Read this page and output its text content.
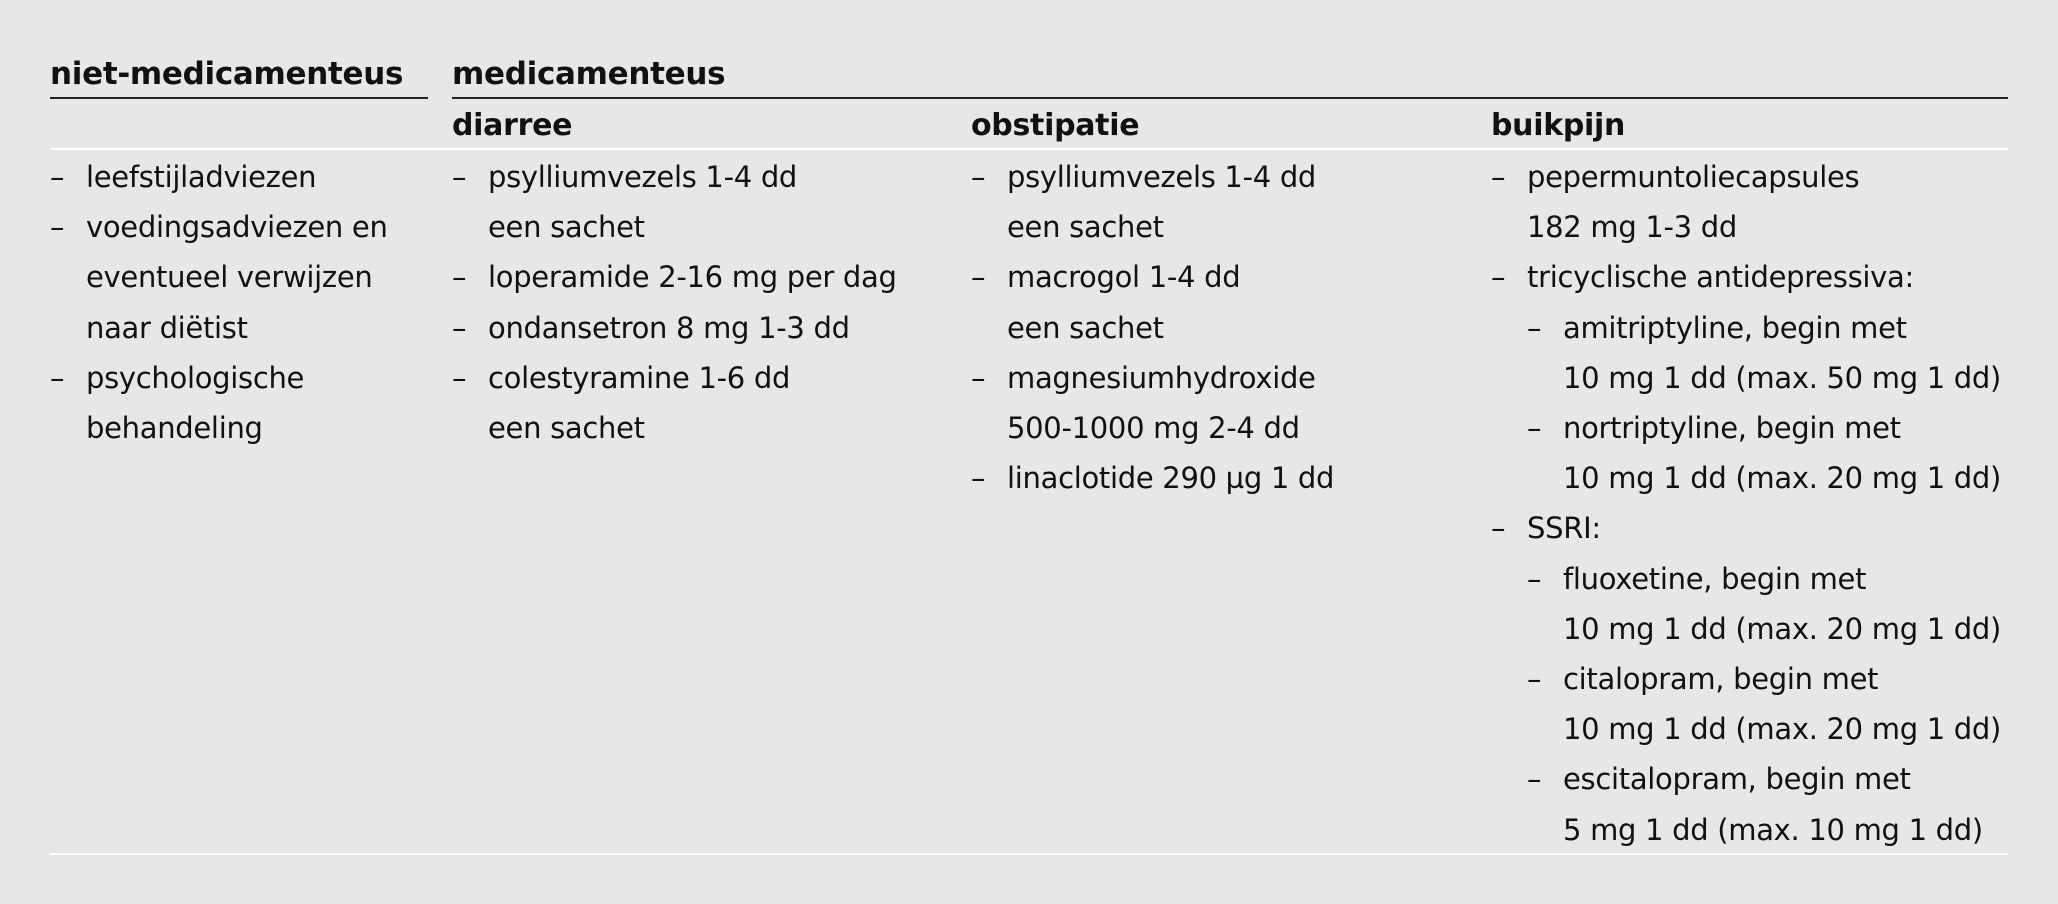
niet-medicamenteus medicamenteus
diarree	obstipatie	buikpijn
– leefstijladviezen
– voedingsadviezen en
eventueel verwijzen
naar diëtist
– psychologische
behandeling
– psylliumvezels 1-4 dd
een sachet
– loperamide 2-16 mg per dag
– ondansetron 8 mg 1-3 dd
– colestyramine 1-6 dd
een sachet
– psylliumvezels 1-4 dd
een sachet
– macrogol 1-4 dd
een sachet
– magnesiumhydroxide
500-1000 mg 2-4 dd
– linaclotide 290 µg 1 dd
– pepermuntoliecapsules
182 mg 1-3 dd
– tricyclische antidepressiva:
– amitriptyline, begin met
10 mg 1 dd (max. 50 mg 1 dd)
– nortriptyline, begin met
10 mg 1 dd (max. 20 mg 1 dd)
– SSRI:
– fluoxetine, begin met
10 mg 1 dd (max. 20 mg 1 dd)
– citalopram, begin met
10 mg 1 dd (max. 20 mg 1 dd)
– escitalopram, begin met
5 mg 1 dd (max. 10 mg 1 dd)
